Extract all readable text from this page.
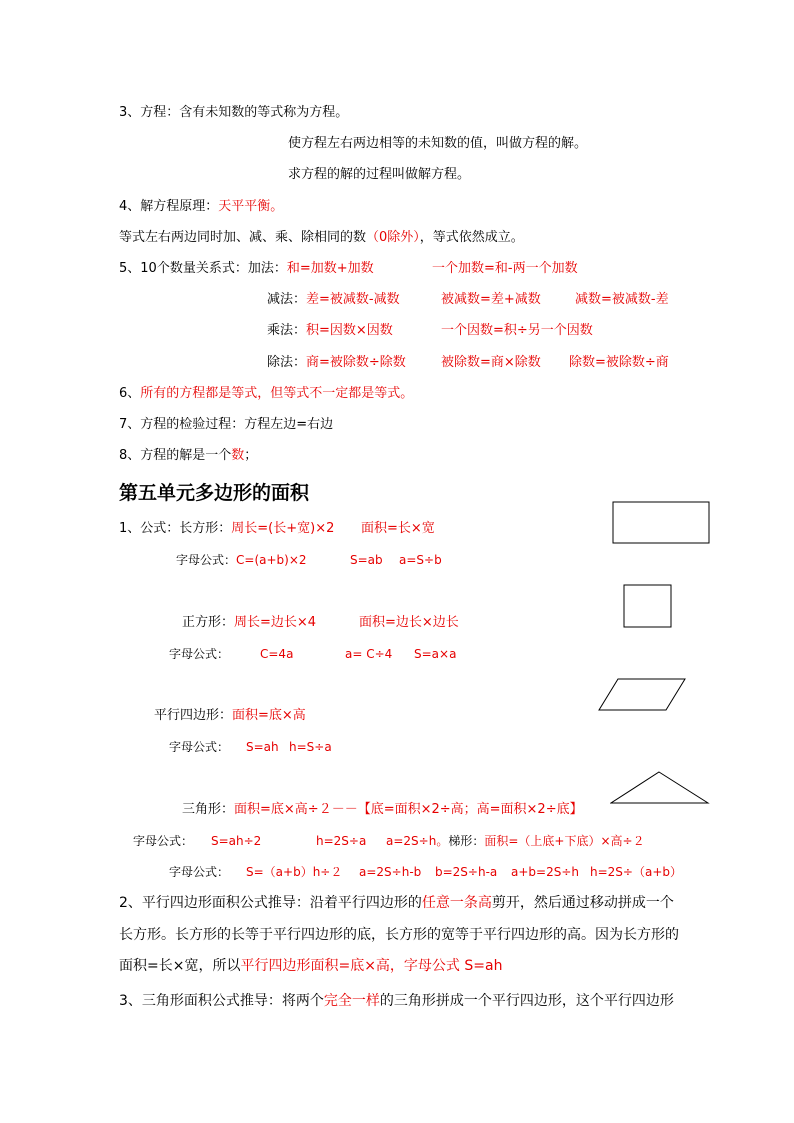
3、方程：含有未知数的等式称为方程。
使方程左右两边相等的未知数的值，叫做方程的解。
求方程的解的过程叫做解方程。
4、解方程原理：天平平衡。
等式左右两边同时加、减、乘、除相同的数（0除外），等式依然成立。
5、10个数量关系式：加法：和=加数+加数	一个加数=和-两一个加数
减法：差=被减数-减数	被减数=差+减数	减数=被减数-差
乘法：积=因数×因数	一个因数=积÷另一个因数
除法：商=被除数÷除数	被除数=商×除数 除数=被除数÷商
6、所有的方程都是等式，但等式不一定都是等式。
7、方程的检验过程：方程左边=右边
8、方程的解是一个数；
第五单元多边形的面积
1、公式：长方形：周长=(长+宽)×2 面积=长×宽
字母公式：C=(a+b)×2	S=ab a=S÷b
正方形：周长=边长×4	面积=边长×边长
字母公式：	C=4a	a= C÷4 S=a×a
平行四边形：面积=底×高
字母公式： S=ah h=S÷a
三角形：面积=底×高÷２－－【底=面积×2÷高；高=面积×2÷底】
字母公式： S=ah÷2	h=2S÷a a=2S÷h。梯形：面积=（上底+下底）×高÷２
字母公式： S=（a+b）h÷２ a=2S÷h-b b=2S÷h-a a+b=2S÷h h=2S÷（a+b）
2、平行四边形面积公式推导：沿着平行四边形的任意一条高剪开，然后通过移动拼成一个
长方形。长方形的长等于平行四边形的底，长方形的宽等于平行四边形的高。因为长方形的
面积=长×宽，所以平行四边形面积=底×高，字母公式 S=ah
3、三角形面积公式推导：将两个完全一样的三角形拼成一个平行四边形，这个平行四边形
